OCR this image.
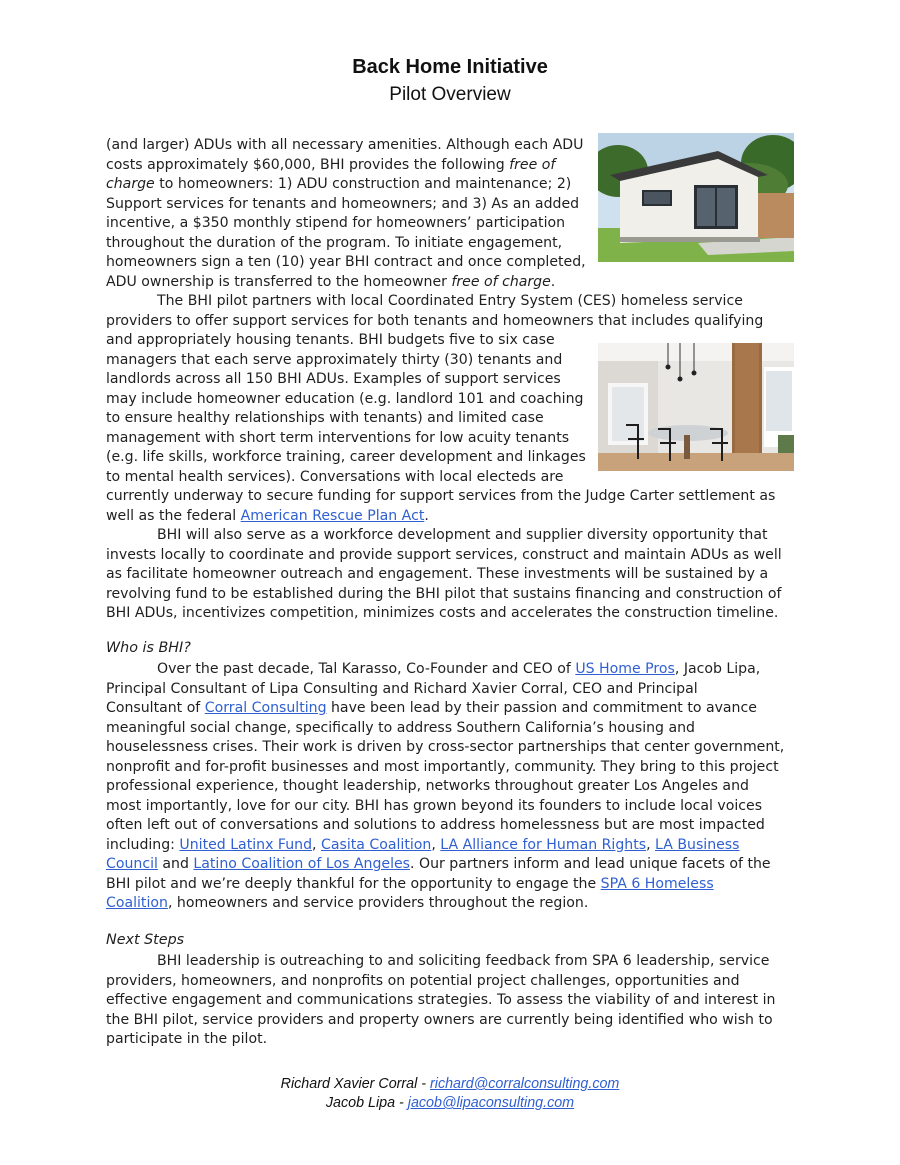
Back Home Initiative
Pilot Overview
(and larger) ADUs with all necessary amenities. Although each ADU
costs approximately $60,000, BHI provides the following free of
charge to homeowners: 1) ADU construction and maintenance; 2)
Support services for tenants and homeowners; and 3) As an added
incentive, a $350 monthly stipend for homeowners’ participation
throughout the duration of the program. To initiate engagement,
homeowners sign a ten (10) year BHI contract and once completed,
ADU ownership is transferred to the homeowner free of charge.
The BHI pilot partners with local Coordinated Entry System (CES) homeless service
providers to offer support services for both tenants and homeowners that includes qualifying
and appropriately housing tenants. BHI budgets five to six case
managers that each serve approximately thirty (30) tenants and
landlords across all 150 BHI ADUs. Examples of support services
may include homeowner education (e.g. landlord 101 and coaching
to ensure healthy relationships with tenants) and limited case
management with short term interventions for low acuity tenants
(e.g. life skills, workforce training, career development and linkages
to mental health services). Conversations with local electeds are
currently underway to secure funding for support services from the Judge Carter settlement as
well as the federal American Rescue Plan Act.
BHI will also serve as a workforce development and supplier diversity opportunity that
invests locally to coordinate and provide support services, construct and maintain ADUs as well
as facilitate homeowner outreach and engagement. These investments will be sustained by a
revolving fund to be established during the BHI pilot that sustains financing and construction of
BHI ADUs, incentivizes competition, minimizes costs and accelerates the construction timeline.
Who is BHI?
Over the past decade, Tal Karasso, Co-Founder and CEO of US Home Pros, Jacob Lipa,
Principal Consultant of Lipa Consulting and Richard Xavier Corral, CEO and Principal
Consultant of Corral Consulting have been lead by their passion and commitment to avance
meaningful social change, specifically to address Southern California’s housing and
houselessness crises. Their work is driven by cross-sector partnerships that center government,
nonprofit and for-profit businesses and most importantly, community. They bring to this project
professional experience, thought leadership, networks throughout greater Los Angeles and
most importantly, love for our city. BHI has grown beyond its founders to include local voices
often left out of conversations and solutions to address homelessness but are most impacted
including: United Latinx Fund, Casita Coalition, LA Alliance for Human Rights, LA Business
Council and Latino Coalition of Los Angeles. Our partners inform and lead unique facets of the
BHI pilot and we’re deeply thankful for the opportunity to engage the SPA 6 Homeless
Coalition, homeowners and service providers throughout the region.
Next Steps
BHI leadership is outreaching to and soliciting feedback from SPA 6 leadership, service
providers, homeowners, and nonprofits on potential project challenges, opportunities and
effective engagement and communications strategies. To assess the viability of and interest in
the BHI pilot, service providers and property owners are currently being identified who wish to
participate in the pilot.
Richard Xavier Corral - richard@corralconsulting.com
Jacob Lipa - jacob@lipaconsulting.com
